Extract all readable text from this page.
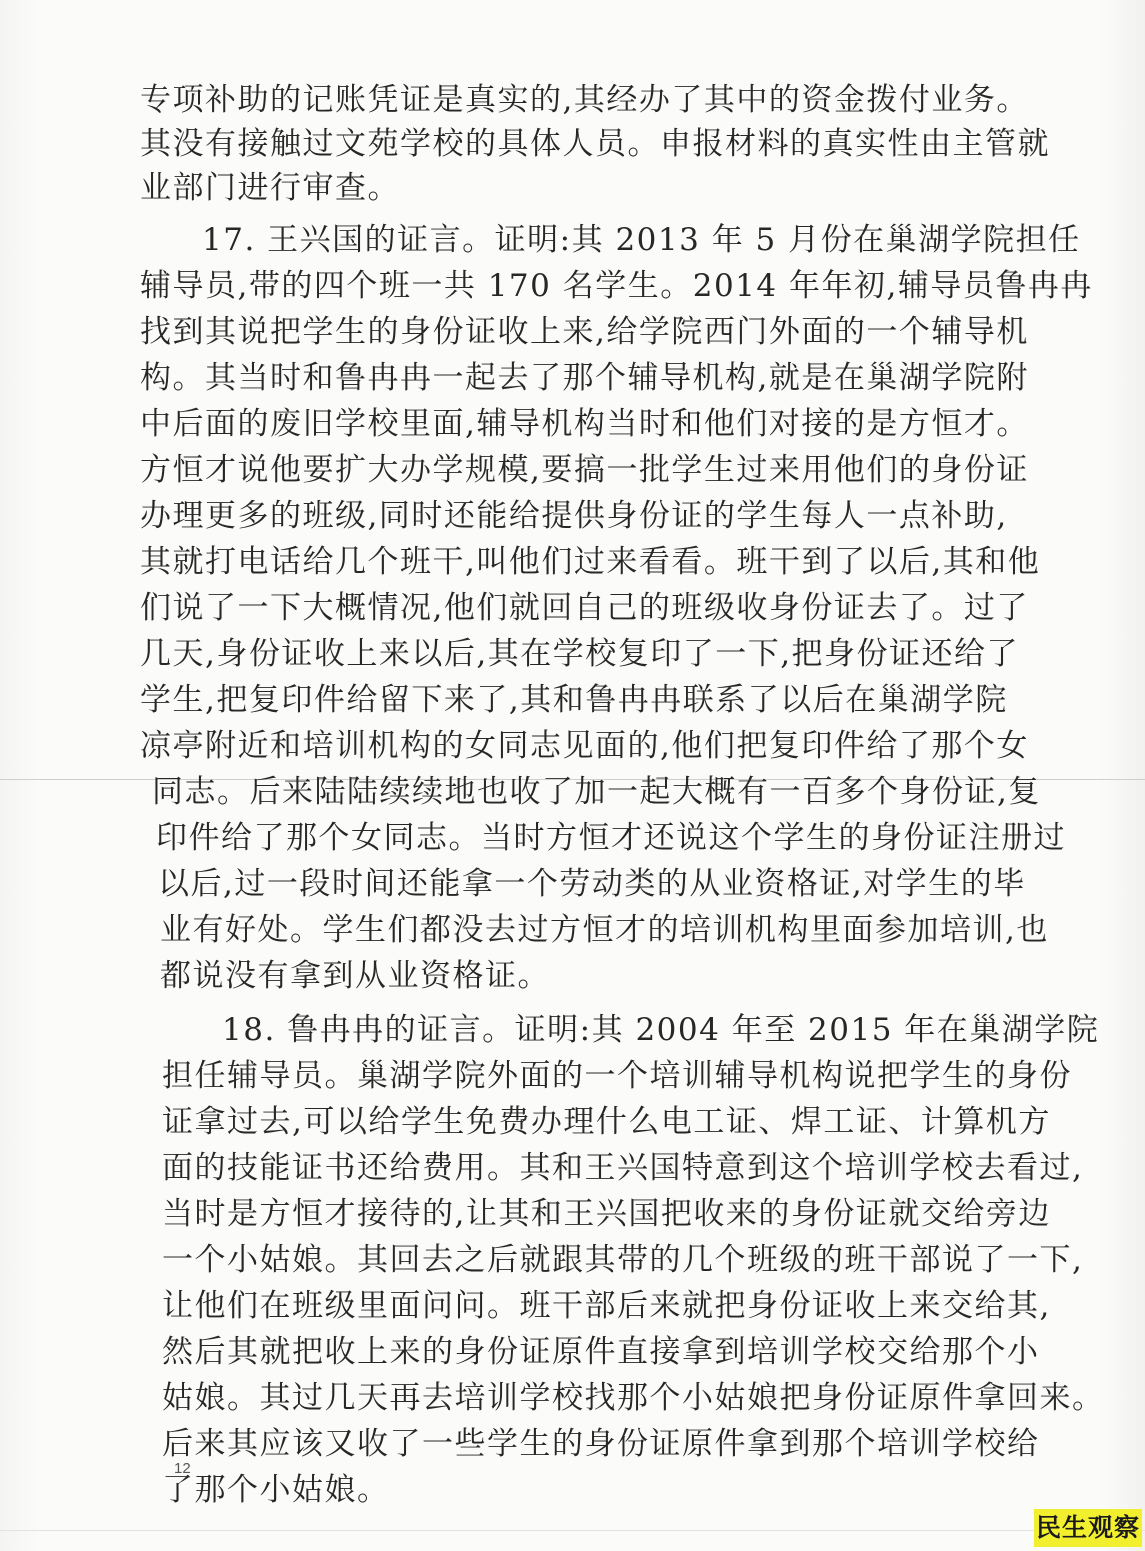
专项补助的记账凭证是真实的,其经办了其中的资金拨付业务。
其没有接触过文苑学校的具体人员。申报材料的真实性由主管就
业部门进行审查。
17. 王兴国的证言。证明:其 2013 年 5 月份在巢湖学院担任
辅导员,带的四个班一共 170 名学生。2014 年年初,辅导员鲁冉冉
找到其说把学生的身份证收上来,给学院西门外面的一个辅导机
构。其当时和鲁冉冉一起去了那个辅导机构,就是在巢湖学院附
中后面的废旧学校里面,辅导机构当时和他们对接的是方恒才。
方恒才说他要扩大办学规模,要搞一批学生过来用他们的身份证
办理更多的班级,同时还能给提供身份证的学生每人一点补助,
其就打电话给几个班干,叫他们过来看看。班干到了以后,其和他
们说了一下大概情况,他们就回自己的班级收身份证去了。过了
几天,身份证收上来以后,其在学校复印了一下,把身份证还给了
学生,把复印件给留下来了,其和鲁冉冉联系了以后在巢湖学院
凉亭附近和培训机构的女同志见面的,他们把复印件给了那个女
同志。后来陆陆续续地也收了加一起大概有一百多个身份证,复
印件给了那个女同志。当时方恒才还说这个学生的身份证注册过
以后,过一段时间还能拿一个劳动类的从业资格证,对学生的毕
业有好处。学生们都没去过方恒才的培训机构里面参加培训,也
都说没有拿到从业资格证。
18. 鲁冉冉的证言。证明:其 2004 年至 2015 年在巢湖学院
担任辅导员。巢湖学院外面的一个培训辅导机构说把学生的身份
证拿过去,可以给学生免费办理什么电工证、焊工证、计算机方
面的技能证书还给费用。其和王兴国特意到这个培训学校去看过,
当时是方恒才接待的,让其和王兴国把收来的身份证就交给旁边
一个小姑娘。其回去之后就跟其带的几个班级的班干部说了一下,
让他们在班级里面问问。班干部后来就把身份证收上来交给其,
然后其就把收上来的身份证原件直接拿到培训学校交给那个小
姑娘。其过几天再去培训学校找那个小姑娘把身份证原件拿回来。
后来其应该又收了一些学生的身份证原件拿到那个培训学校给
了那个小姑娘。
12
民生观察
